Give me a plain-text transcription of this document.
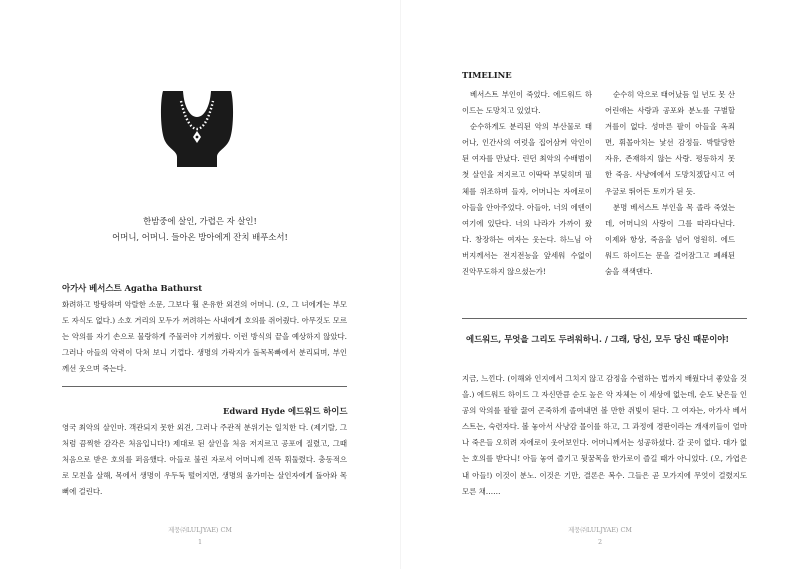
한밤중에 살인, 가렵은 자 살인!
어머니, 어머니. 들아온 방아에게 잔치 배푸소서!
아가사 베서스트 Agatha Bathurst

화려하고 방탕하며 악랄한 소문, 그보다 훨 온유한 외견의 어머니. (오, 그 녀에게는 부모도 자식도 없다.) 소호 거리의 모두가 꺼려하는 사내에게 호의를 쥐어줬다. 아무것도 모르는 악의를 자기 손으로 물랑하게 주물러야 기꺼웠다. 이런 방식의 끝을 예상하지 않았다. 그러나 아들의 악력이 닥쳐 보니 기껍다. 생명의 가락지가 돌목목빠에서 분리되며, 부인께선 웃으며 죽는다.

Edward Hyde 에드워드 하이드

영국 최악의 살인마. 객관되지 못한 외견, 그러나 주관적 분위기는 일치한 다. (제기랄, 그처럼 끔찍한 감각은 처음입니다!) 제대로 된 살인을 처음 저지르고 공포에 질렸고, 그때 처음으로 받은 호의를 퍼음했다. 아들로 불린 자로서 어머니께 진뜩 휘둘렸다. 충동적으로 모친을 살해, 목에서 생명이 우두둑 떨어지면, 생명의 움가미는 살인자에게 돌아와 목뻐에 걸린다.

제뭉㈜LULJYAE) CM
1
TIMELINE

베서스트 부인이 죽었다. 에드워드 하이드는 도망치고 있었다.

순수하게도 분리된 악의 부산물로 태어나, 인간사의 여럿을 집어삼켜 악인이 된 여자를 만났다. 린던 최악의 수배범이 첫 살인을 저지르고 이딱딱 부딪히며 필체를 위조하며 들자, 어머니는 자에로이 아들을 안아주었다. 아들아, 너의 에덴이 여기에 있단다. 너의 나라가 가까이 왔다. 창장하는 여자는 웃는다. 하느님 아버지께서는 전지전능을 앞세워 수없이 진악무도하지 않으셨는가!

순수히 악으로 태어났듬 일 년도 못 산 어린애는 사랑과 공포와 분노를 구별할 겨를이 없다. 성마른 팔이 아들을 옥죄면, 휘몰아치는 낯선 감정들. 박탈당한 자유, 존재하지 않는 사랑. 평등하지 못한 죽음. 사냥에에서 도망치겠답시고 여우굴로 뛰어든 토끼가 된 듯.

분명 베서스트 부인을 목 졸라 죽였는데, 어머니의 사랑이 그를 따라다닌다. 이제와 항상, 죽음을 넘어 영원히. 에드워드 하이드는 문을 걸어잠그고 폐쇄된 숨을 색색댄다.

에드워드, 무엇을 그리도 두려워하니. / 그래, 당신, 모두 당신 때문이야!

지금, 느낀다. (이해와 인지에서 그치지 않고 감정을 수렴하는 법까지 배웠다녀 좋았을 것을.) 에드워드 하이드 그 자신만큼 순도 높은 악 자체는 이 세상에 없는데, 순도 낮은들 인공의 악의를 팔팔 끓여 곤죽하게 졸여내면 볼 만한 쥐빛이 된다. 그 여자는, 아가사 베서스트는, 숙련자다. 볼 놓아서 사냥감 몰이를 하고, 그 과정에 경판이라는 개새끼들이 얼마나 죽은들 오히려 자에로이 웃어보인다. 어머니께서는 성공하셨다. 갈 곳이 없다. 대가 없는 호의를 받다니! 아들 놓여 즐기고 뒷꿈목을 한가로이 즐길 때가 아니었다. (오, 가엽은 내 아들!) 이것이 분노. 이것은 기만, 결론은 복수. 그들은 곧 모가지에 무엇이 걸렸지도 모른 채……

제뭉㈜LULJYAE) CM
2
